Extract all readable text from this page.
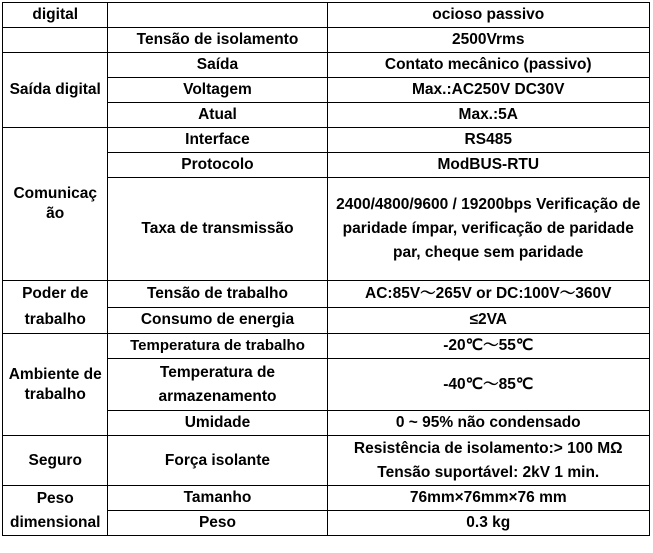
digital		ocioso passivo
	Tensão de isolamento	2500Vrms
Saída digital	Saída	Contato mecânico (passivo)
	Voltagem	Max.:AC250V DC30V
	Atual	Max.:5A
Comunicaç ão	Interface	RS485
	Protocolo	ModBUS-RTU
	Taxa de transmissão	2400/4800/9600 / 19200bps Verificação de paridade ímpar, verificação de paridade par, cheque sem paridade
Poder de trabalho	Tensão de trabalho	AC:85V～265V or DC:100V～360V
	Consumo de energia	≤2VA
Ambiente de trabalho	Temperatura de trabalho	-20℃～55℃
	Temperatura de armazenamento	-40℃～85℃
	Umidade	0 ~ 95% não condensado
Seguro	Força isolante	Resistência de isolamento:> 100 MΩ Tensão suportável: 2kV 1 min.
Peso dimensional	Tamanho	76mm×76mm×76 mm
	Peso	0.3 kg
